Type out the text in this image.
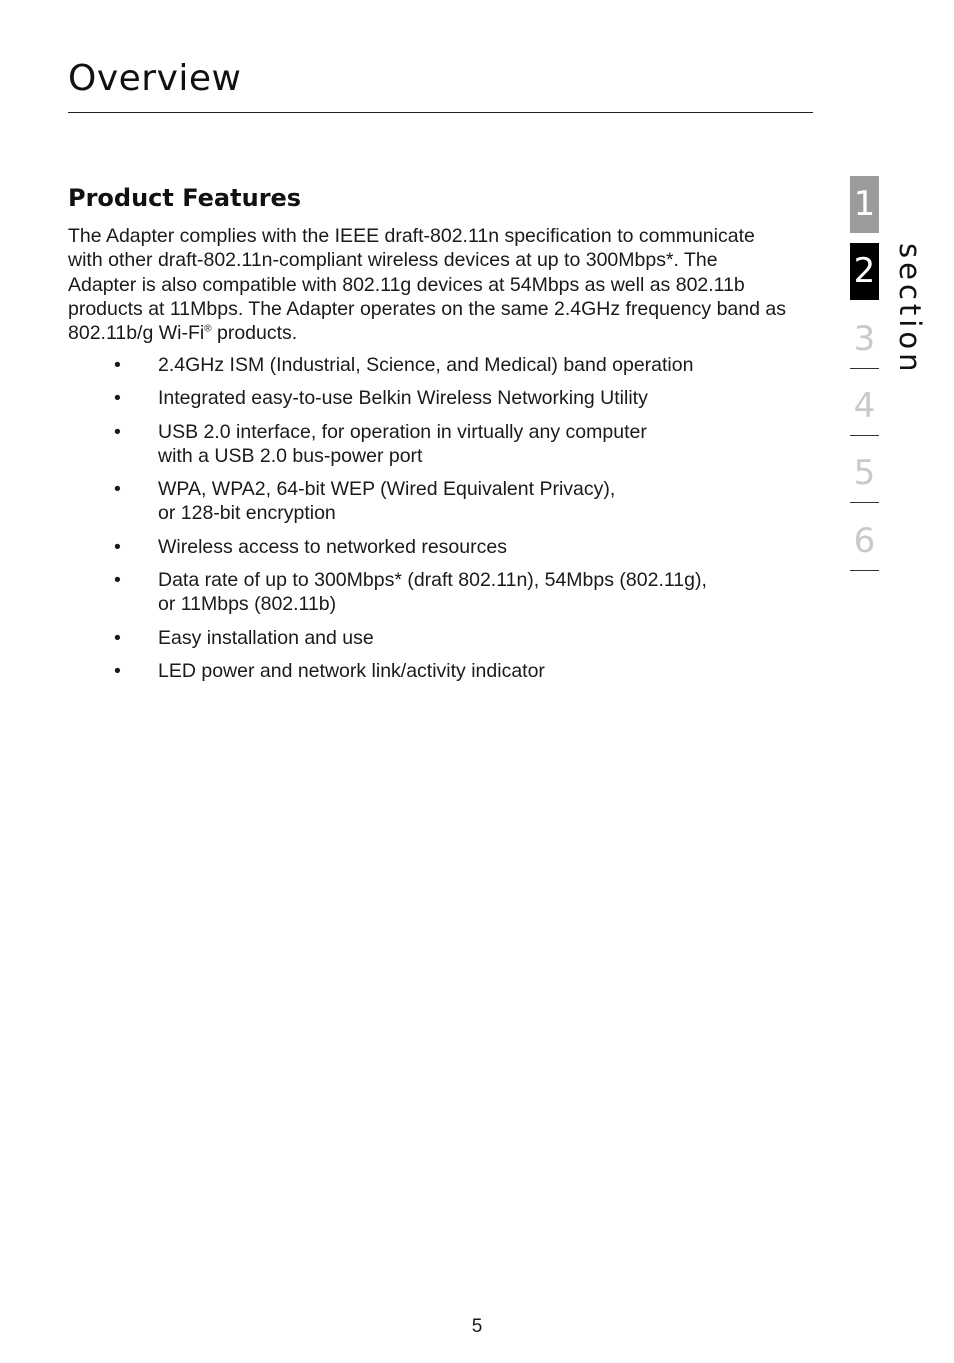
Overview
Product Features

The Adapter complies with the IEEE draft-802.11n specification to communicate with other draft-802.11n-compliant wireless devices at up to 300Mbps*. The Adapter is also compatible with 802.11g devices at 54Mbps as well as 802.11b products at 11Mbps. The Adapter operates on the same 2.4GHz frequency band as 802.11b/g Wi-Fi® products.

• 2.4GHz ISM (Industrial, Science, and Medical) band operation
• Integrated easy-to-use Belkin Wireless Networking Utility
• USB 2.0 interface, for operation in virtually any computer
with a USB 2.0 bus-power port
• WPA, WPA2, 64-bit WEP (Wired Equivalent Privacy),
or 128-bit encryption
• Wireless access to networked resources
• Data rate of up to 300Mbps* (draft 802.11n), 54Mbps (802.11g),
or 11Mbps (802.11b)
• Easy installation and use
• LED power and network link/activity indicator
1
2
3
4
5
6
section
5
